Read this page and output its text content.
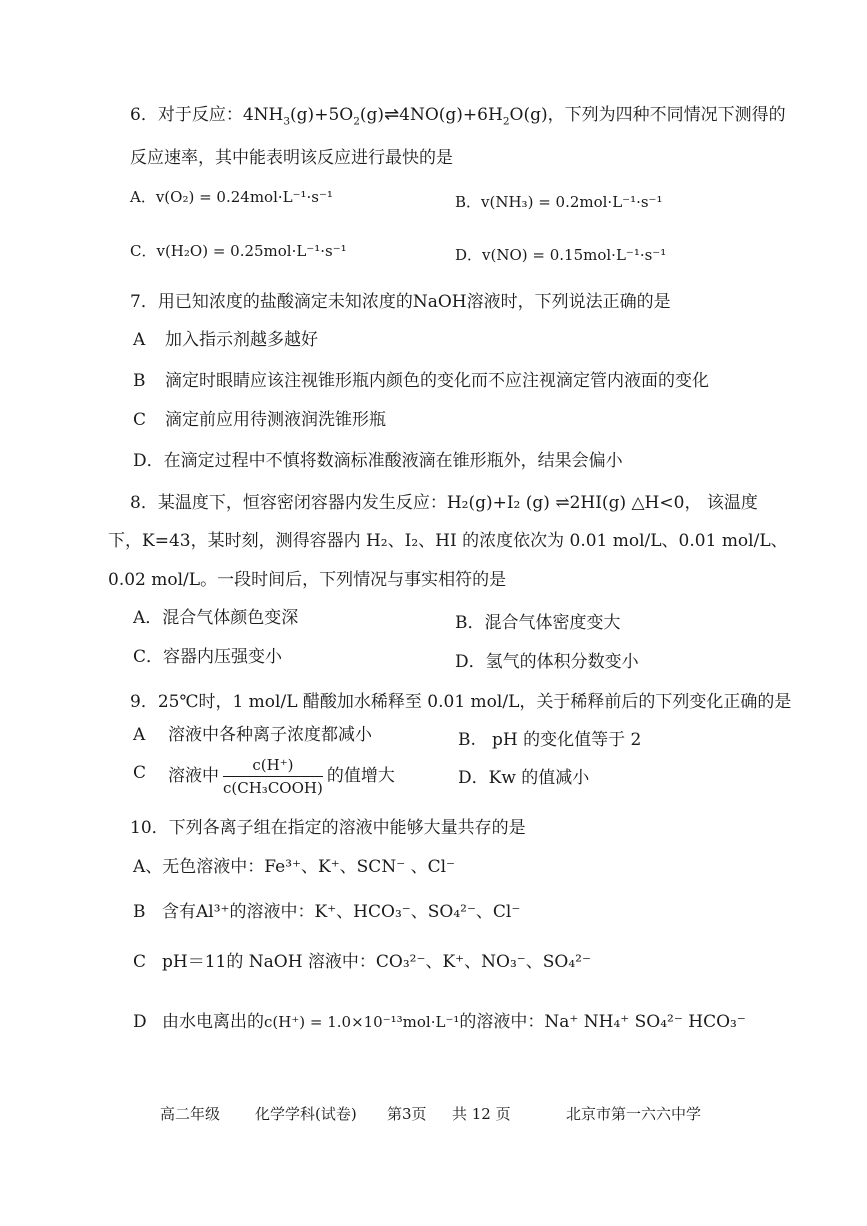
6．对于反应：$4NH_3(g)+5O_2(g)\rightleftharpoons 4NO(g)+6H_2O(g)$，下列为四种不同情况下测得的
反应速率，其中能表明该反应进行最快的是
A．v(O₂) = 0.24mol·L⁻¹·s⁻¹	B．v(NH₃) = 0.2mol·L⁻¹·s⁻¹
C．v(H₂O) = 0.25mol·L⁻¹·s⁻¹	D．v(NO) = 0.15mol·L⁻¹·s⁻¹
7．用已知浓度的盐酸滴定未知浓度的NaOH溶液时，下列说法正确的是
A 加入指示剂越多越好
B 滴定时眼睛应该注视锥形瓶内颜色的变化而不应注视滴定管内液面的变化
C 滴定前应用待测液润洗锥形瓶
D．在滴定过程中不慎将数滴标准酸液滴在锥形瓶外，结果会偏小
8．某温度下，恒容密闭容器内发生反应：H₂(g)+I₂ (g) ⇌2HI(g) △H<0， 该温度
下，K=43，某时刻，测得容器内 H₂、I₂、HI 的浓度依次为 0.01 mol/L、0.01 mol/L、
0.02 mol/L。一段时间后，下列情况与事实相符的是
A．混合气体颜色变深	B．混合气体密度变大
C．容器内压强变小	D．氢气的体积分数变小
9．25℃时，1 mol/L 醋酸加水稀释至 0.01 mol/L，关于稀释前后的下列变化正确的是
A 溶液中各种离子浓度都减小	B. pH 的变化值等于 2
C 溶液中 $\frac{c(H^+)}{\text{c(CH₃COOH)}}$ 的值增大	D．Kw 的值减小
10．下列各离子组在指定的溶液中能够大量共存的是
A、无色溶液中：Fe³⁺、K⁺、SCN⁻ 、Cl⁻
B 含有Al³⁺的溶液中：K⁺、HCO₃⁻、SO₄²⁻、Cl⁻
C pH＝11的 NaOH 溶液中：CO₃²⁻、K⁺、NO₃⁻、SO₄²⁻
D 由水电离出的c(H⁺) = 1.0×10⁻¹³mol·L⁻¹的溶液中：Na⁺ NH₄⁺ SO₄²⁻ HCO₃⁻
高二年级 化学学科(试卷) 第3页 共 12 页	北京市第一六六中学
